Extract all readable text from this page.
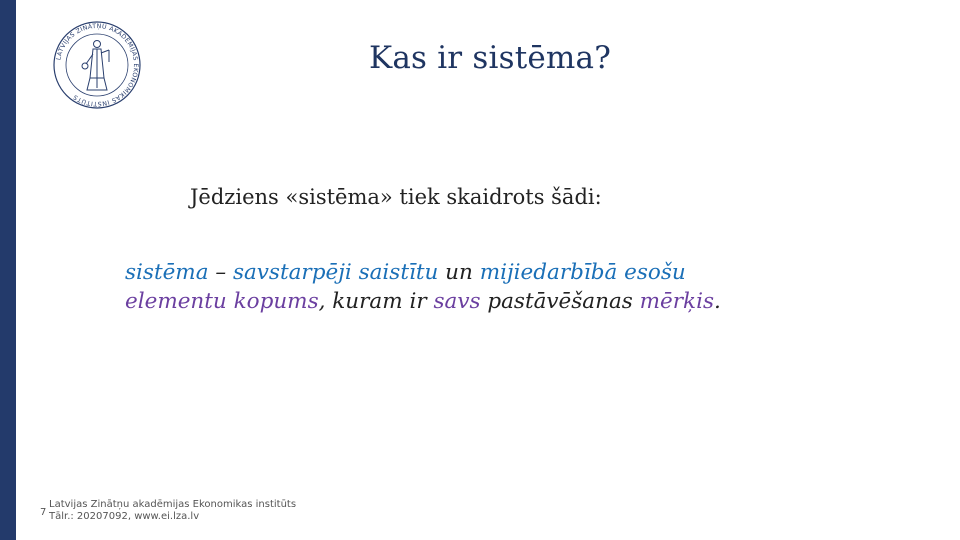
LATVIJAS ZINĀTŅU AKADĒMIJAS EKONOMIKAS INSTITŪTS
Kas ir sistēma?
Jēdziens «sistēma» tiek skaidrots šādi:
sistēma – savstarpēji saistītu un mijiedarbībā esošu
elementu kopums, kuram ir savs pastāvēšanas mērķis.
7
Latvijas Zinātņu akadēmijas Ekonomikas institūts
Tālr.: 20207092, www.ei.lza.lv
